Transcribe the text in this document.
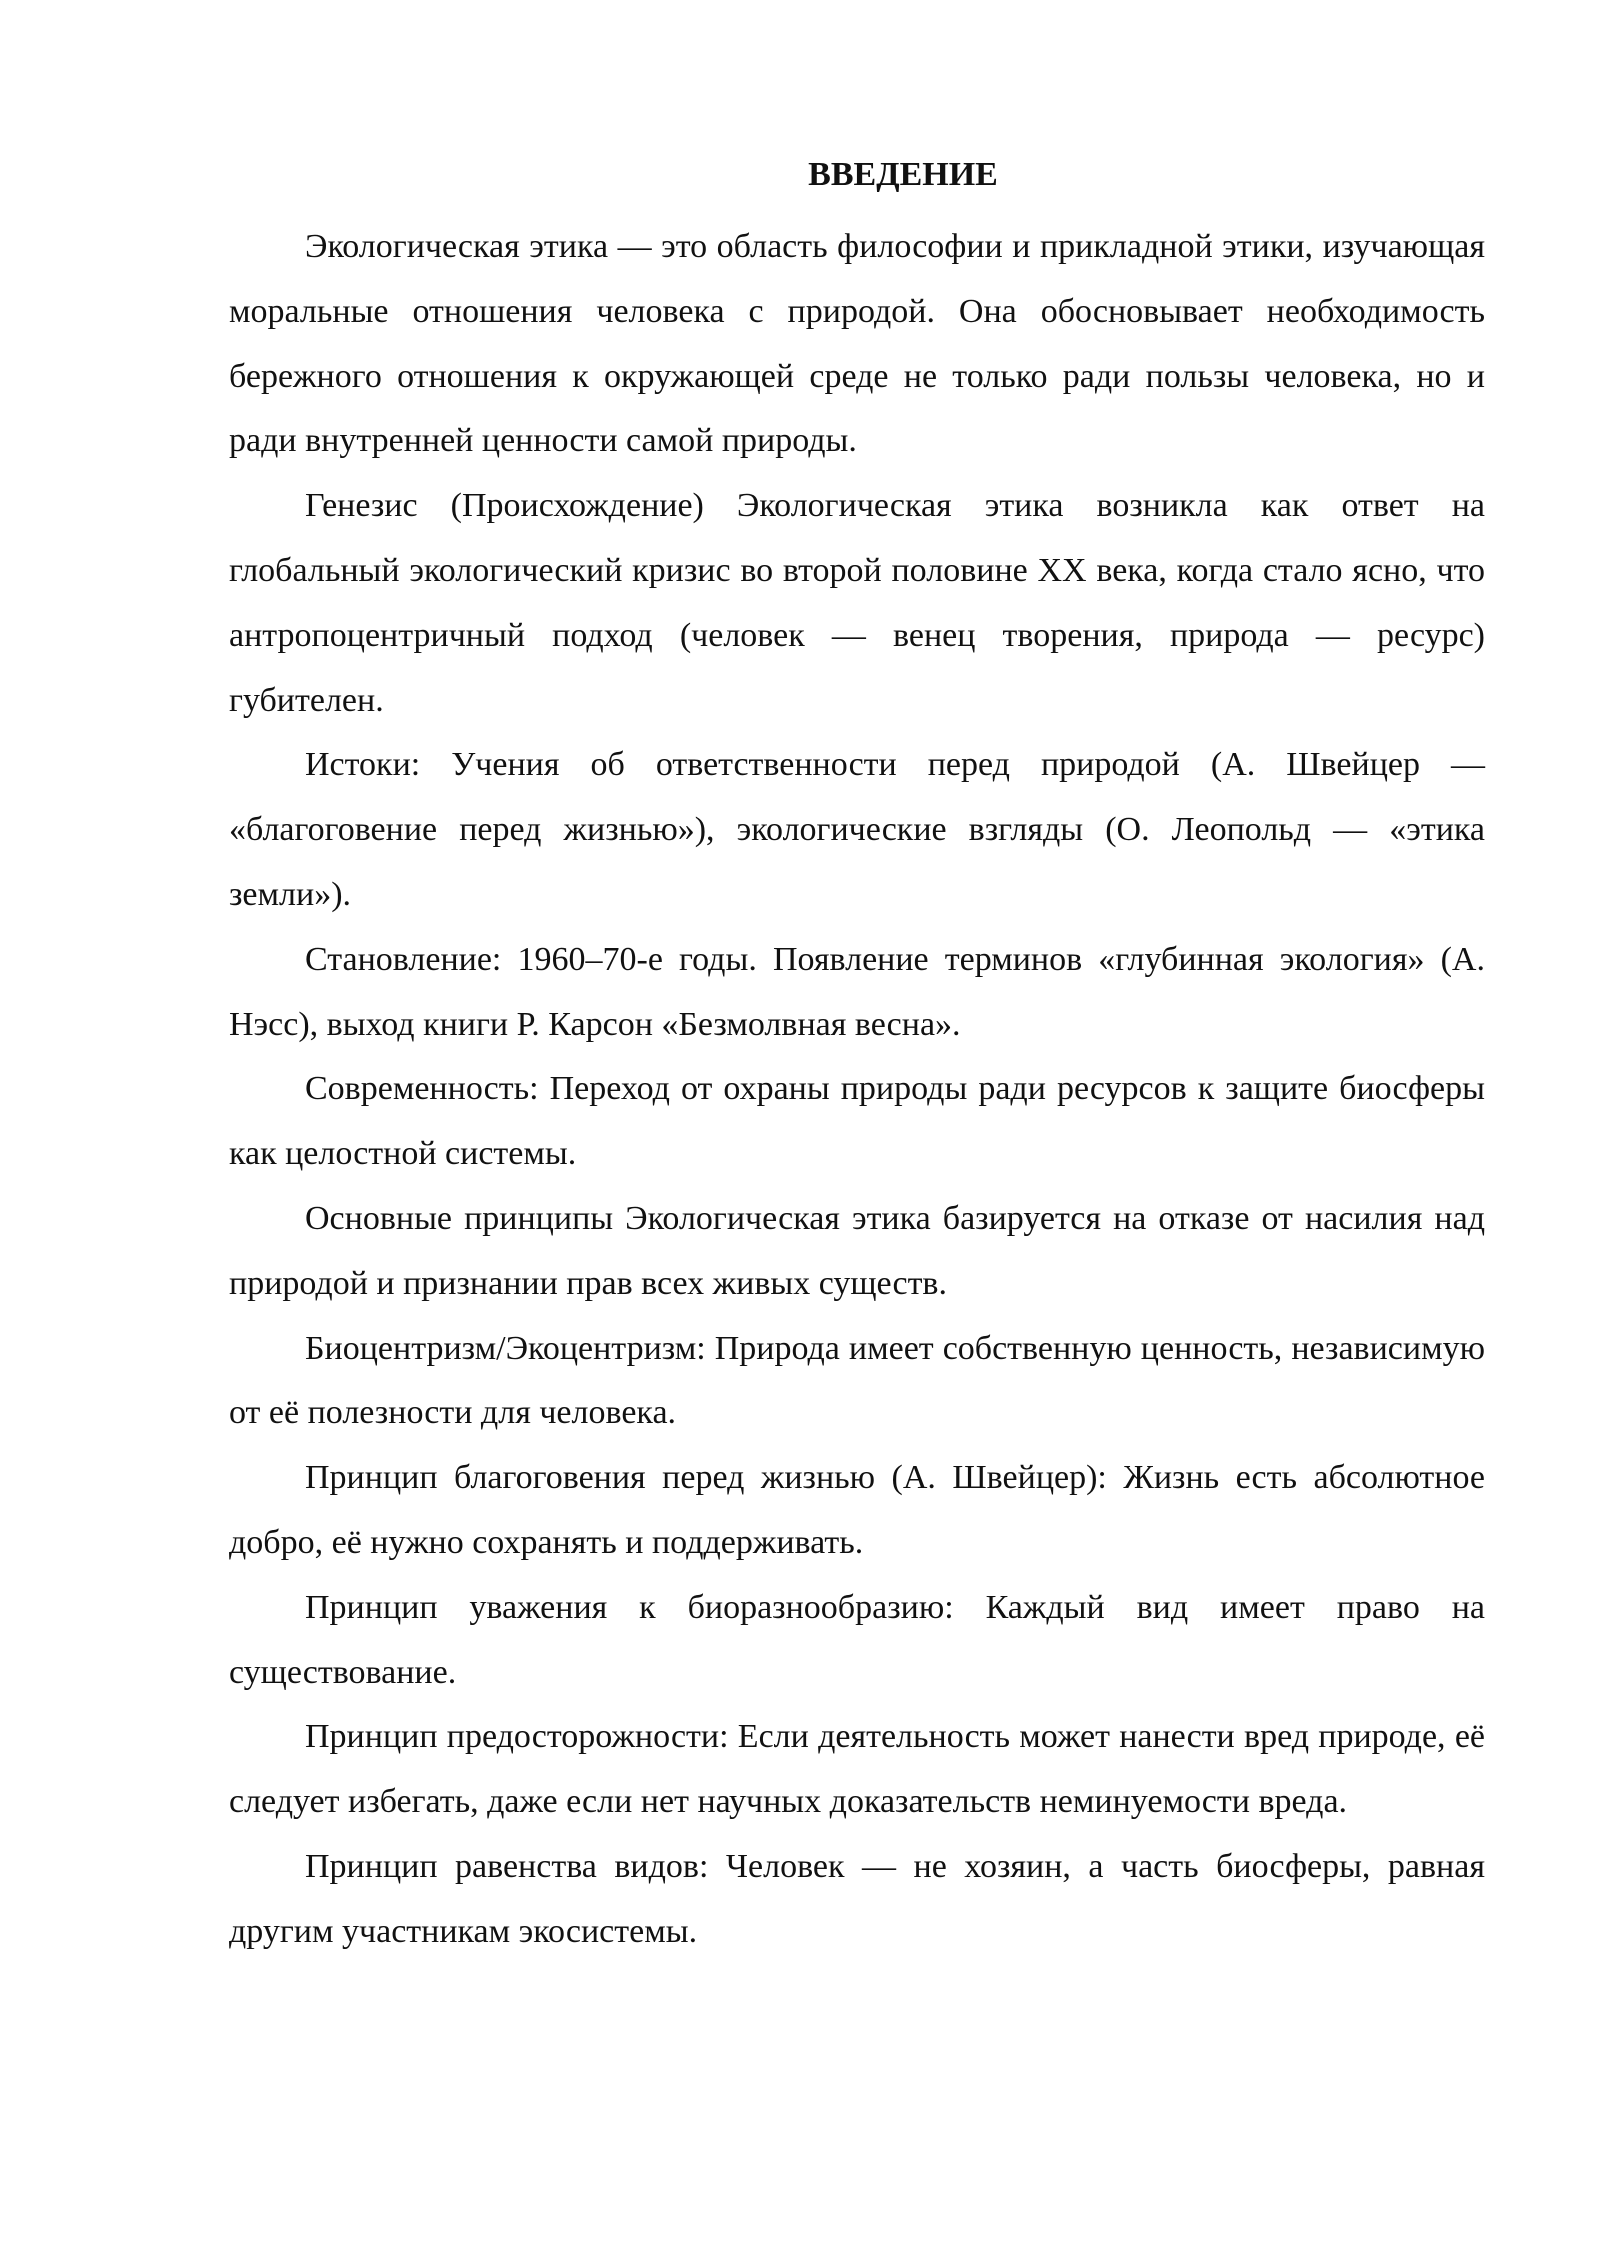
ВВЕДЕНИЕ

Экологическая этика — это область философии и прикладной этики, изучающая моральные отношения человека с природой. Она обосновывает необходимость бережного отношения к окружающей среде не только ради пользы человека, но и ради внутренней ценности самой природы.

Генезис (Происхождение) Экологическая этика возникла как ответ на глобальный экологический кризис во второй половине XX века, когда стало ясно, что антропоцентричный подход (человек — венец творения, природа — ресурс) губителен.

Истоки: Учения об ответственности перед природой (А. Швейцер — «благоговение перед жизнью»), экологические взгляды (О. Леопольд — «этика земли»).

Становление: 1960–70-е годы. Появление терминов «глубинная экология» (А. Нэсс), выход книги Р. Карсон «Безмолвная весна».

Современность: Переход от охраны природы ради ресурсов к защите биосферы как целостной системы.

Основные принципы Экологическая этика базируется на отказе от насилия над природой и признании прав всех живых существ.

Биоцентризм/Экоцентризм: Природа имеет собственную ценность, независимую от её полезности для человека.

Принцип благоговения перед жизнью (А. Швейцер): Жизнь есть абсолютное добро, её нужно сохранять и поддерживать.

Принцип уважения к биоразнообразию: Каждый вид имеет право на существование.

Принцип предосторожности: Если деятельность может нанести вред природе, её следует избегать, даже если нет научных доказательств неминуемости вреда.

Принцип равенства видов: Человек — не хозяин, а часть биосферы, равная другим участникам экосистемы.
